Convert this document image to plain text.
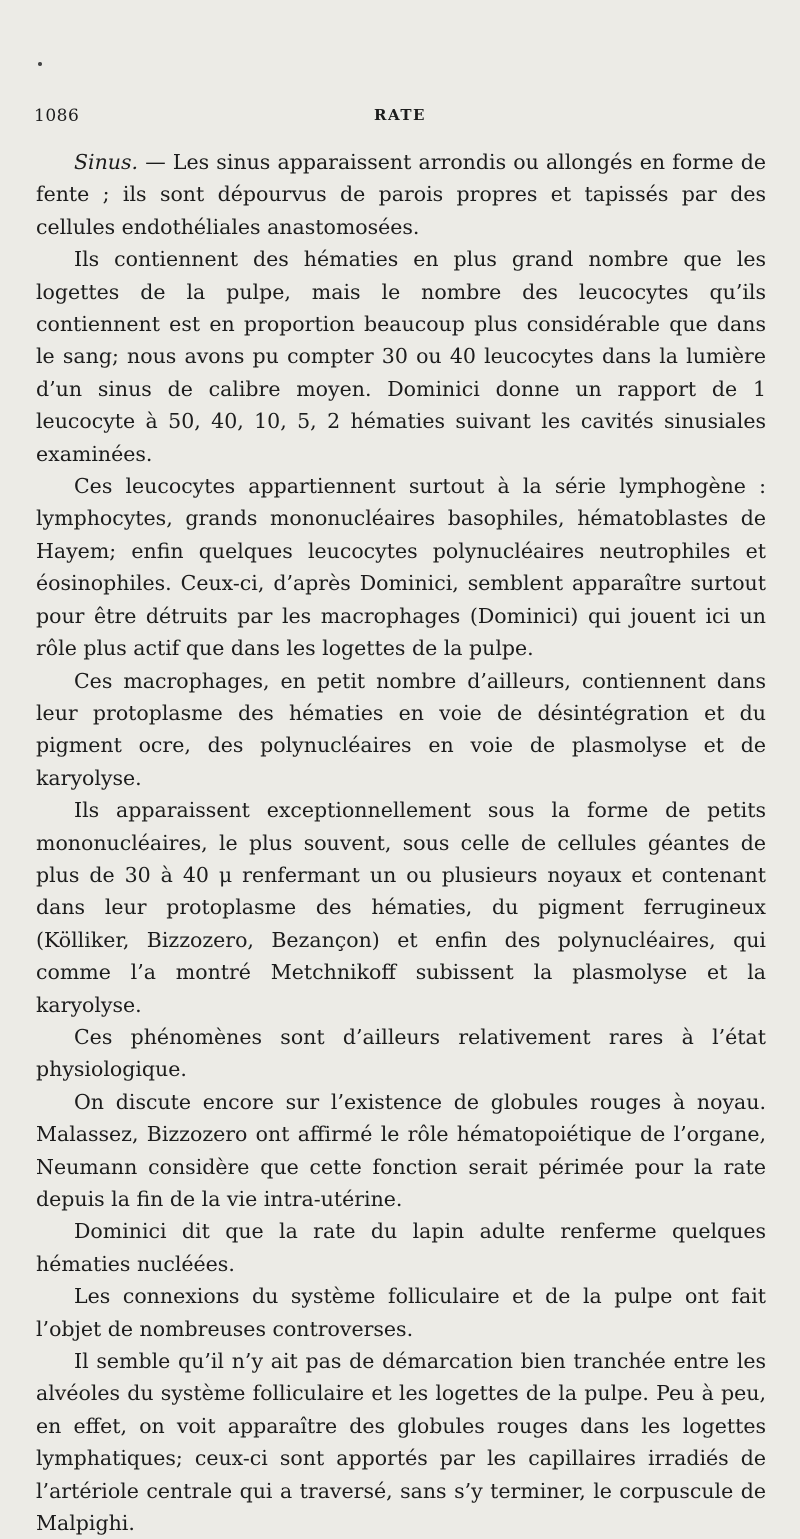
1086	RATE

Sinus. — Les sinus apparaissent arrondis ou allongés en forme de fente ; ils sont dépourvus de parois propres et tapissés par des cellules endothéliales anastomosées.

Ils contiennent des hématies en plus grand nombre que les logettes de la pulpe, mais le nombre des leucocytes qu’ils contiennent est en proportion beaucoup plus considérable que dans le sang; nous avons pu compter 30 ou 40 leucocytes dans la lumière d’un sinus de calibre moyen. Dominici donne un rapport de 1 leucocyte à 50, 40, 10, 5, 2 hématies suivant les cavités sinusiales examinées.

Ces leucocytes appartiennent surtout à la série lymphogène : lymphocytes, grands mononucléaires basophiles, hématoblastes de Hayem; enfin quelques leucocytes polynucléaires neutrophiles et éosinophiles. Ceux-ci, d’après Dominici, semblent apparaître surtout pour être détruits par les macrophages (Dominici) qui jouent ici un rôle plus actif que dans les logettes de la pulpe.

Ces macrophages, en petit nombre d’ailleurs, contiennent dans leur protoplasme des hématies en voie de désintégration et du pigment ocre, des polynucléaires en voie de plasmolyse et de karyolyse.

Ils apparaissent exceptionnellement sous la forme de petits mononucléaires, le plus souvent, sous celle de cellules géantes de plus de 30 à 40 μ renfermant un ou plusieurs noyaux et contenant dans leur protoplasme des hématies, du pigment ferrugineux (Kölliker, Bizzozero, Bezançon) et enfin des polynucléaires, qui comme l’a montré Metchnikoff subissent la plasmolyse et la karyolyse.

Ces phénomènes sont d’ailleurs relativement rares à l’état physiologique.

On discute encore sur l’existence de globules rouges à noyau. Malassez, Bizzozero ont affirmé le rôle hématopoiétique de l’organe, Neumann considère que cette fonction serait périmée pour la rate depuis la fin de la vie intra-utérine.

Dominici dit que la rate du lapin adulte renferme quelques hématies nucléées.

Les connexions du système folliculaire et de la pulpe ont fait l’objet de nombreuses controverses.

Il semble qu’il n’y ait pas de démarcation bien tranchée entre les alvéoles du système folliculaire et les logettes de la pulpe. Peu à peu, en effet, on voit apparaître des globules rouges dans les logettes lymphatiques; ceux-ci sont apportés par les capillaires irradiés de l’artériole centrale qui a traversé, sans s’y terminer, le corpuscule de Malpighi.
